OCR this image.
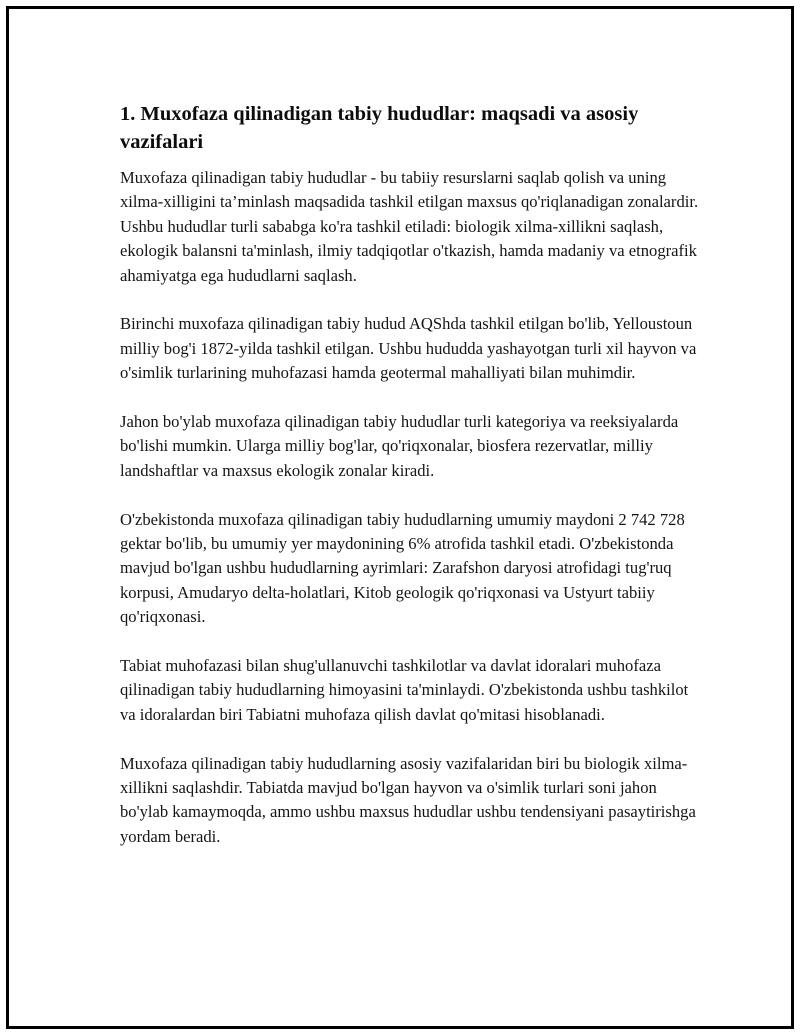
1. Muxofaza qilinadigan tabiy hududlar: maqsadi va asosiy vazifalari

Muxofaza qilinadigan tabiy hududlar - bu tabiiy resurslarni saqlab qolish va uning xilma-xilligini ta’minlash maqsadida tashkil etilgan maxsus qo'riqlanadigan zonalardir. Ushbu hududlar turli sababga ko'ra tashkil etiladi: biologik xilma-xillikni saqlash, ekologik balansni ta'minlash, ilmiy tadqiqotlar o'tkazish, hamda madaniy va etnografik ahamiyatga ega hududlarni saqlash.

Birinchi muxofaza qilinadigan tabiy hudud AQShda tashkil etilgan bo'lib, Yelloustoun milliy bog'i 1872-yilda tashkil etilgan. Ushbu hududda yashayotgan turli xil hayvon va o'simlik turlarining muhofazasi hamda geotermal mahalliyati bilan muhimdir.

Jahon bo'ylab muxofaza qilinadigan tabiy hududlar turli kategoriya va reeksiyalarda bo'lishi mumkin. Ularga milliy bog'lar, qo'riqxonalar, biosfera rezervatlar, milliy landshaftlar va maxsus ekologik zonalar kiradi.

O'zbekistonda muxofaza qilinadigan tabiy hududlarning umumiy maydoni 2 742 728 gektar bo'lib, bu umumiy yer maydonining 6% atrofida tashkil etadi. O'zbekistonda mavjud bo'lgan ushbu hududlarning ayrimlari: Zarafshon daryosi atrofidagi tug'ruq korpusi, Amudaryo delta-holatlari, Kitob geologik qo'riqxonasi va Ustyurt tabiiy qo'riqxonasi.

Tabiat muhofazasi bilan shug'ullanuvchi tashkilotlar va davlat idoralari muhofaza qilinadigan tabiy hududlarning himoyasini ta'minlaydi. O'zbekistonda ushbu tashkilot va idoralardan biri Tabiatni muhofaza qilish davlat qo'mitasi hisoblanadi.

Muxofaza qilinadigan tabiy hududlarning asosiy vazifalaridan biri bu biologik xilma-xillikni saqlashdir. Tabiatda mavjud bo'lgan hayvon va o'simlik turlari soni jahon bo'ylab kamaymoqda, ammo ushbu maxsus hududlar ushbu tendensiyani pasaytirishga yordam beradi.
